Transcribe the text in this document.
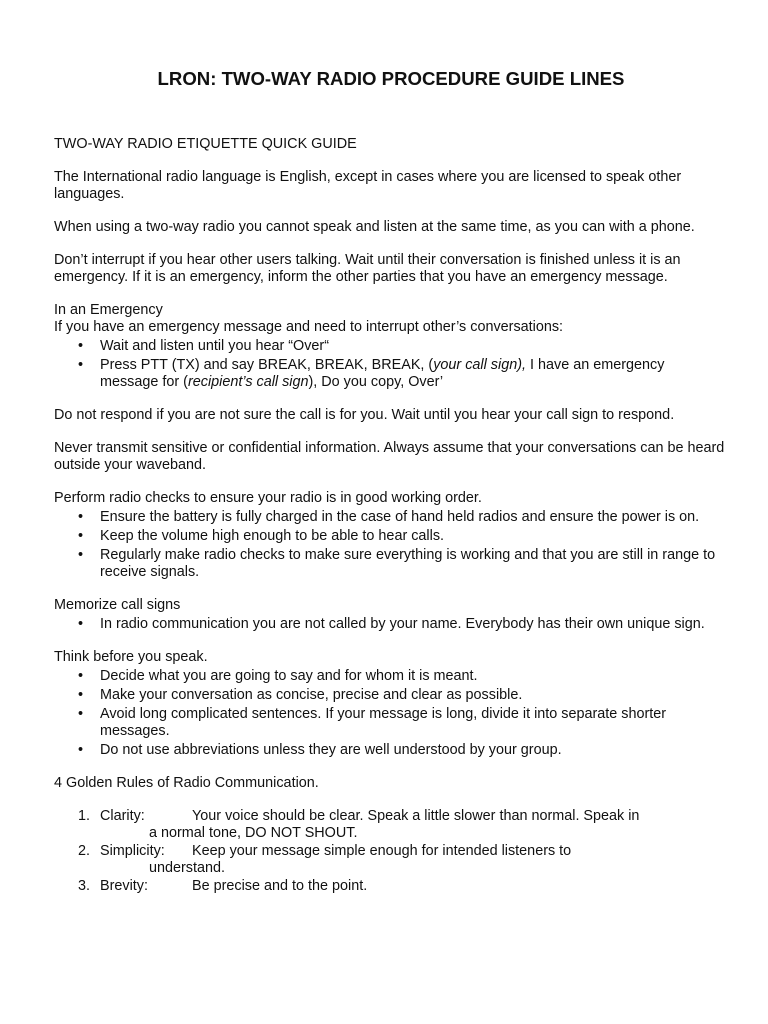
LRON: TWO-WAY RADIO PROCEDURE GUIDE LINES

TWO-WAY RADIO ETIQUETTE QUICK GUIDE

The International radio language is English, except in cases where you are licensed to speak other languages.

When using a two-way radio you cannot speak and listen at the same time, as you can with a phone.

Don’t interrupt if you hear other users talking. Wait until their conversation is finished unless it is an emergency. If it is an emergency, inform the other parties that you have an emergency message.

In an Emergency
If you have an emergency message and need to interrupt other’s conversations:
• Wait and listen until you hear “Over“
• Press PTT (TX) and say BREAK, BREAK, BREAK, (your call sign), I have an emergency message for (recipient’s call sign), Do you copy, Over’

Do not respond if you are not sure the call is for you. Wait until you hear your call sign to respond.

Never transmit sensitive or confidential information. Always assume that your conversations can be heard outside your waveband.

Perform radio checks to ensure your radio is in good working order.
• Ensure the battery is fully charged in the case of hand held radios and ensure the power is on.
• Keep the volume high enough to be able to hear calls.
• Regularly make radio checks to make sure everything is working and that you are still in range to receive signals.
Memorize call signs
• In radio communication you are not called by your name. Everybody has their own unique sign.
Think before you speak.
• Decide what you are going to say and for whom it is meant.
• Make your conversation as concise, precise and clear as possible.
• Avoid long complicated sentences. If your message is long, divide it into separate shorter messages.
• Do not use abbreviations unless they are well understood by your group.
4 Golden Rules of Radio Communication.
1. Clarity:	Your voice should be clear. Speak a little slower than normal. Speak in
a normal tone, DO NOT SHOUT.
2. Simplicity: Keep your message simple enough for intended listeners to
understand.
3. Brevity:	Be precise and to the point.
